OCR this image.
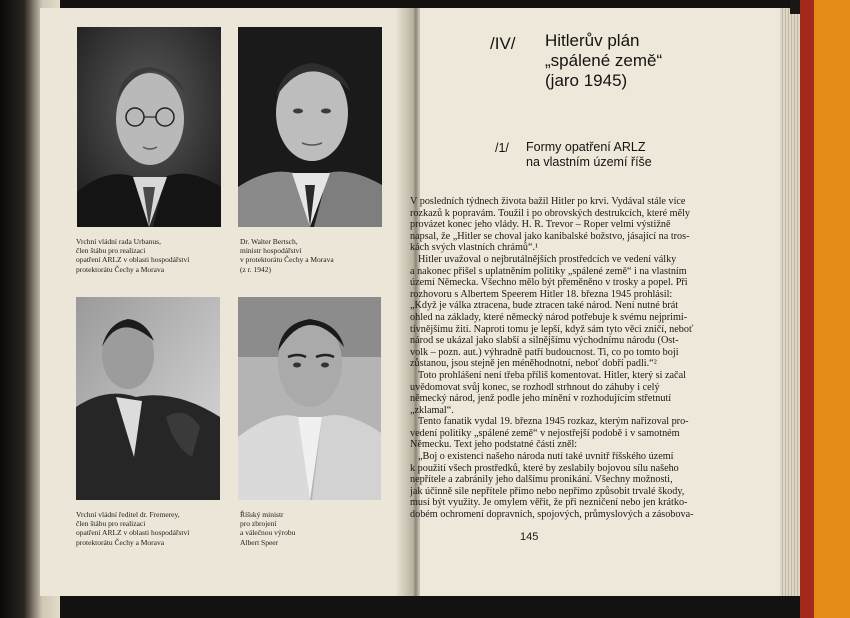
Vrchní vládní rada Urbanus,
člen štábu pro realizaci
opatření ARLZ v oblasti hospodářství
protektorátu Čechy a Morava
Dr. Walter Bertsch,
ministr hospodářství
v protektorátu Čechy a Morava
(z r. 1942)
Vrchní vládní ředitel dr. Fremerey,
člen štábu pro realizaci
opatření ARLZ v oblasti hospodářství
protektorátu Čechy a Morava
Říšský ministr
pro zbrojení
a válečnou výrobu
Albert Speer
/IV/ Hitlerův plán
„spálené země“
(jaro 1945)
/1/ Formy opatření ARLZ
na vlastním území říše
V posledních týdnech života bažil Hitler po krvi. Vydával stále více
rozkazů k popravám. Toužil i po obrovských destrukcích, které měly
provázet konec jeho vlády. H. R. Trevor – Roper velmi výstižně
napsal, že „Hitler se choval jako kanibalské božstvo, jásající na tros-
kách svých vlastních chrámů“.¹
Hitler uvažoval o nejbrutálnějších prostředcích ve vedení války
a nakonec přišel s uplatněním politiky „spálené země“ i na vlastním
území Německa. Všechno mělo být přeměněno v trosky a popel. Při
rozhovoru s Albertem Speerem Hitler 18. března 1945 prohlásil:
„Když je válka ztracena, bude ztracen také národ. Není nutné brát
ohled na základy, které německý národ potřebuje k svému nejprimi-
tivnějšímu žití. Naproti tomu je lepší, když sám tyto věci zničí, neboť
národ se ukázal jako slabší a silnějšímu východnímu národu (Ost-
volk – pozn. aut.) výhradně patří budoucnost. Ti, co po tomto boji
zůstanou, jsou stejně jen méněhodnotní, neboť dobří padli.“²
Toto prohlášení není třeba příliš komentovat. Hitler, který si začal
uvědomovat svůj konec, se rozhodl strhnout do záhuby i celý
německý národ, jenž podle jeho mínění v rozhodujícím střetnutí
„zklamal“.
Tento fanatik vydal 19. března 1945 rozkaz, kterým nařizoval pro-
vedení politiky „spálené země“ v nejostřejší podobě i v samotném
Německu. Text jeho podstatné části zněl:
„Boj o existenci našeho národa nutí také uvnitř říšského území
k použití všech prostředků, které by zeslabily bojovou sílu našeho
nepřítele a zabránily jeho dalšímu pronikání. Všechny možnosti,
jak účinně sile nepřítele přímo nebo nepřímo způsobit trvalé škody,
musí být využity. Je omylem věřit, že při nezničení nebo jen krátko-
dobém ochromení dopravních, spojových, průmyslových a zásobova-
145
